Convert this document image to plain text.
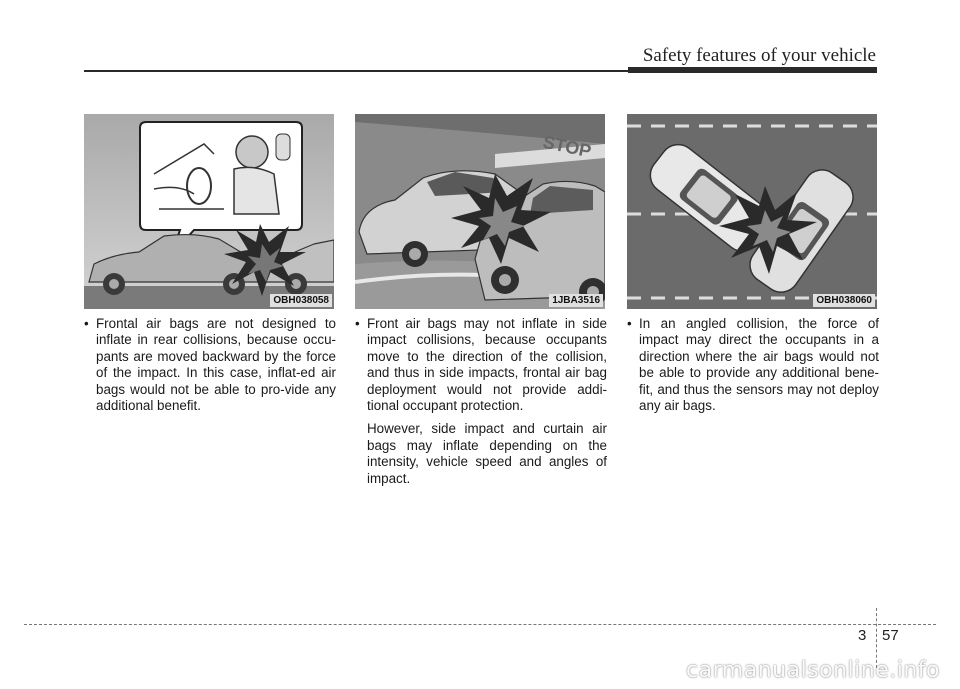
Safety features of your vehicle
OBH038058
STOP
1JBA3516	OBH038060
• Frontal air bags are not designed to inflate in rear collisions, because occu-pants are moved backward by the force of the impact. In this case, inflat-ed air bags would not be able to pro-vide any additional benefit.
• Front air bags may not inflate in side impact collisions, because occupants move to the direction of the collision, and thus in side impacts, frontal air bag deployment would not provide addi-tional occupant protection.

However, side impact and curtain air bags may inflate depending on the intensity, vehicle speed and angles of impact.

• In an angled collision, the force of impact may direct the occupants in a direction where the air bags would not be able to provide any additional bene-fit, and thus the sensors may not deploy any air bags.
3 57
carmanualsonline.info
